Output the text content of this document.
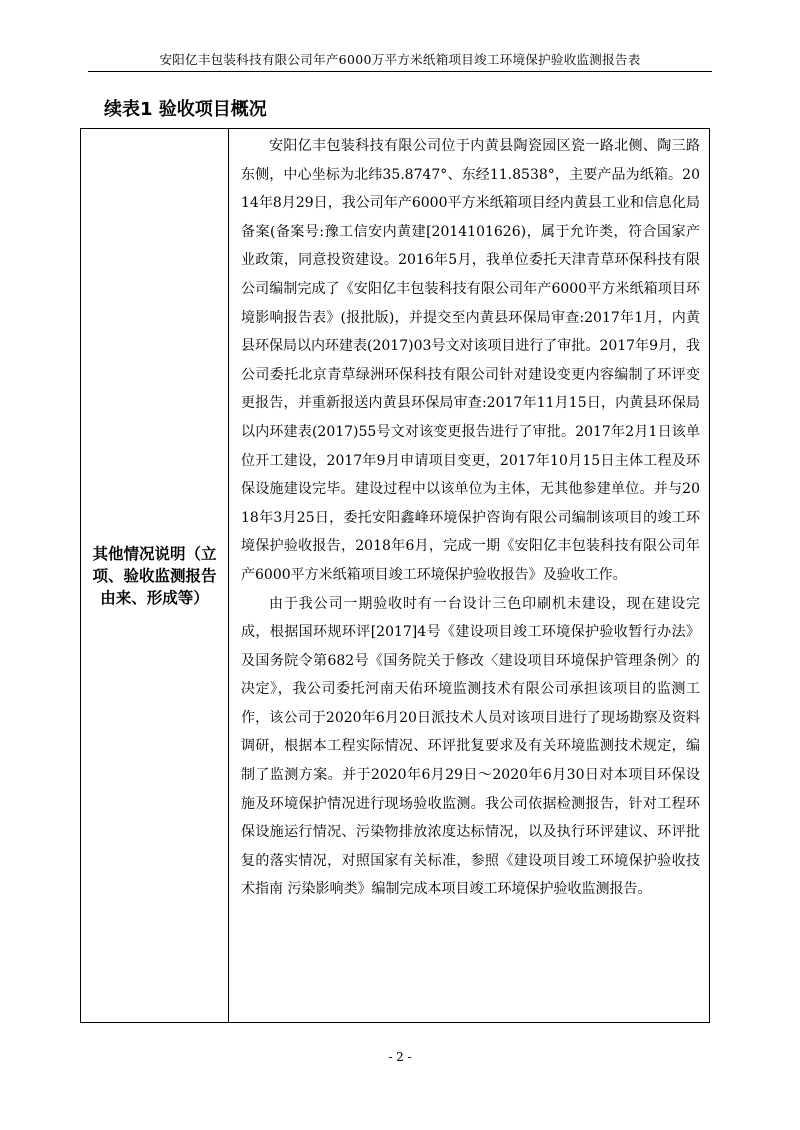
安阳亿丰包装科技有限公司年产6000万平方米纸箱项目竣工环境保护验收监测报告表
续表1 验收项目概况
其他情况说明（立项、验收监测报告由来、形成等）

安阳亿丰包装科技有限公司位于内黄县陶瓷园区瓷一路北侧、陶三路东侧，中心坐标为北纬35.8747°、东经11.8538°，主要产品为纸箱。2014年8月29日，我公司年产6000平方米纸箱项目经内黄县工业和信息化局备案(备案号:豫工信安内黄建[2014101626)，属于允许类，符合国家产业政策，同意投资建设。2016年5月，我单位委托天津青草环保科技有限公司编制完成了《安阳亿丰包装科技有限公司年产6000平方米纸箱项目环境影响报告表》(报批版)，并提交至内黄县环保局审查:2017年1月，内黄县环保局以内环建表(2017)03号文对该项目进行了审批。2017年9月，我公司委托北京青草绿洲环保科技有限公司针对建设变更内容编制了环评变更报告，并重新报送内黄县环保局审查:2017年11月15日，内黄县环保局以内环建表(2017)55号文对该变更报告进行了审批。2017年2月1日该单位开工建设，2017年9月申请项目变更，2017年10月15日主体工程及环保设施建设完毕。建设过程中以该单位为主体，无其他参建单位。并与2018年3月25日，委托安阳鑫峰环境保护咨询有限公司编制该项目的竣工环境保护验收报告，2018年6月，完成一期《安阳亿丰包装科技有限公司年产6000平方米纸箱项目竣工环境保护验收报告》及验收工作。

由于我公司一期验收时有一台设计三色印刷机未建设，现在建设完成，根据国环规环评[2017]4号《建设项目竣工环境保护验收暂行办法》及国务院令第682号《国务院关于修改〈建设项目环境保护管理条例〉的决定》，我公司委托河南天佑环境监测技术有限公司承担该项目的监测工作，该公司于2020年6月20日派技术人员对该项目进行了现场勘察及资料调研，根据本工程实际情况、环评批复要求及有关环境监测技术规定，编制了监测方案。并于2020年6月29日～2020年6月30日对本项目环保设施及环境保护情况进行现场验收监测。我公司依据检测报告，针对工程环保设施运行情况、污染物排放浓度达标情况，以及执行环评建议、环评批复的落实情况，对照国家有关标准，参照《建设项目竣工环境保护验收技术指南 污染影响类》编制完成本项目竣工环境保护验收监测报告。

- 2 -
